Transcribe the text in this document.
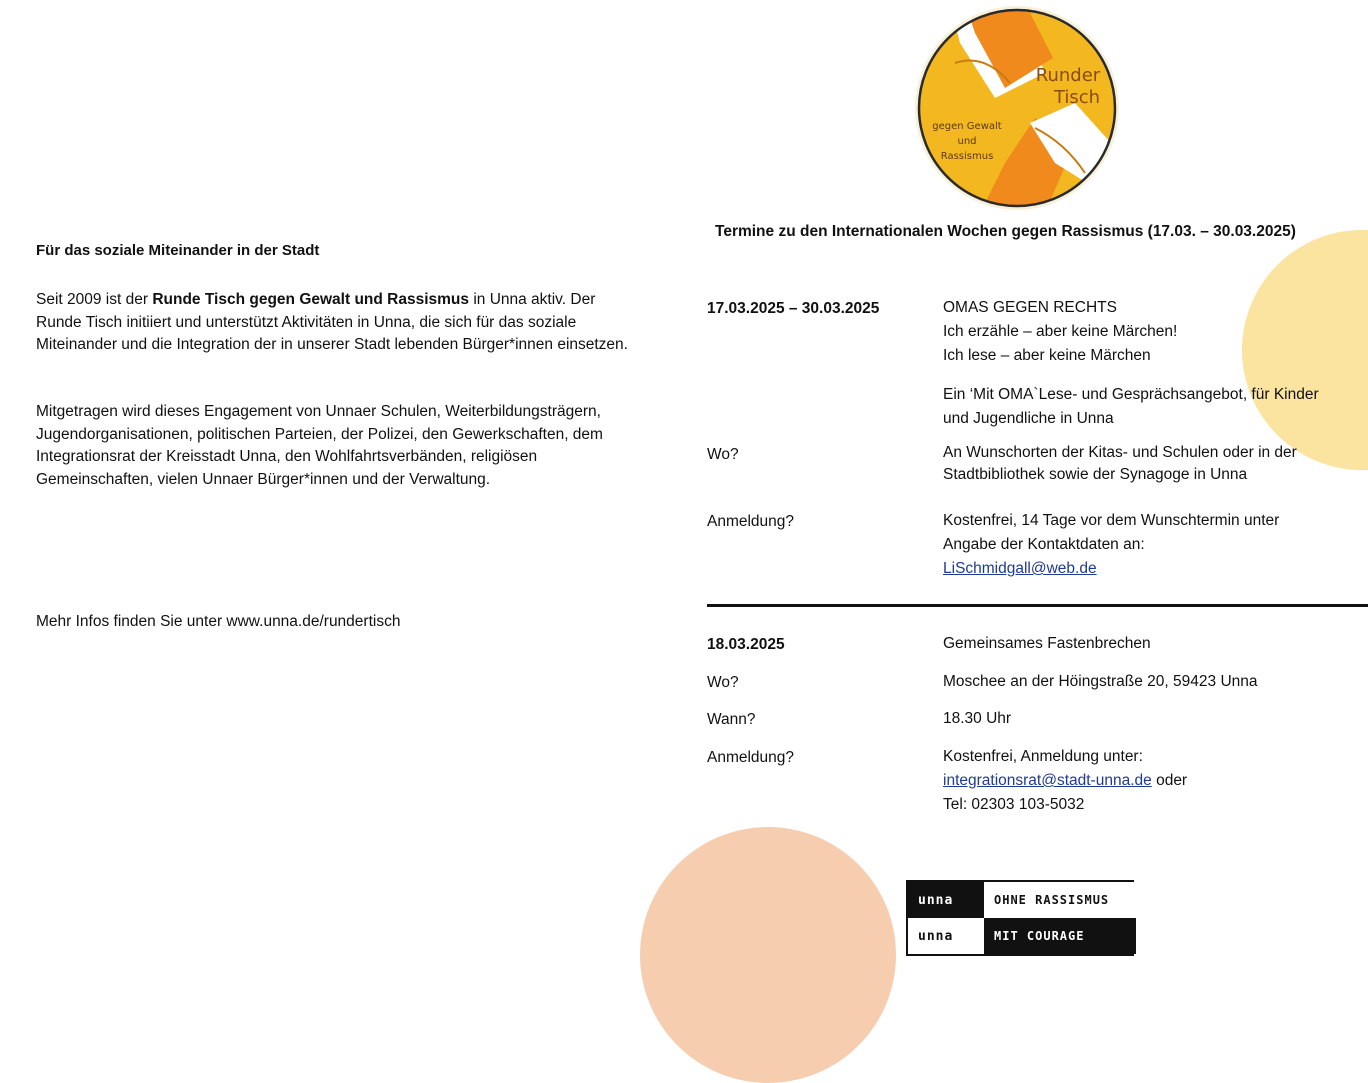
Für das soziale Miteinander in der Stadt
Seit 2009 ist der Runde Tisch gegen Gewalt und Rassismus in Unna aktiv. Der Runde Tisch initiiert und unterstützt Aktivitäten in Unna, die sich für das soziale Miteinander und die Integration der in unserer Stadt lebenden Bürger*innen einsetzen.
Mitgetragen wird dieses Engagement von Unnaer Schulen, Weiterbildungsträgern, Jugendorganisationen, politischen Parteien, der Polizei, den Gewerkschaften, dem Integrationsrat der Kreisstadt Unna, den Wohlfahrtsverbänden, religiösen Gemeinschaften, vielen Unnaer Bürger*innen und der Verwaltung.
Mehr Infos finden Sie unter www.unna.de/rundertisch
Runder
Tisch
gegen Gewalt
und
Rassismus
Termine zu den Internationalen Wochen gegen Rassismus (17.03. – 30.03.2025)
17.03.2025 – 30.03.2025	OMAS GEGEN RECHTS
Ich erzähle – aber keine Märchen!
Ich lese – aber keine Märchen
Ein ‘Mit OMA`Lese- und Gesprächsangebot, für Kinder und Jugendliche in Unna
Wo?	An Wunschorten der Kitas- und Schulen oder in der Stadtbibliothek sowie der Synagoge in Unna
Anmeldung?	Kostenfrei, 14 Tage vor dem Wunschtermin unter Angabe der Kontaktdaten an:
LiSchmidgall@web.de
18.03.2025	Gemeinsames Fastenbrechen
Wo?	Moschee an der Höingstraße 20, 59423 Unna
Wann?	18.30 Uhr
Anmeldung?	Kostenfrei, Anmeldung unter:
integrationsrat@stadt-unna.de oder
Tel: 02303 103-5032
unna	OHNE RASSISMUS
unna	MIT COURAGE
